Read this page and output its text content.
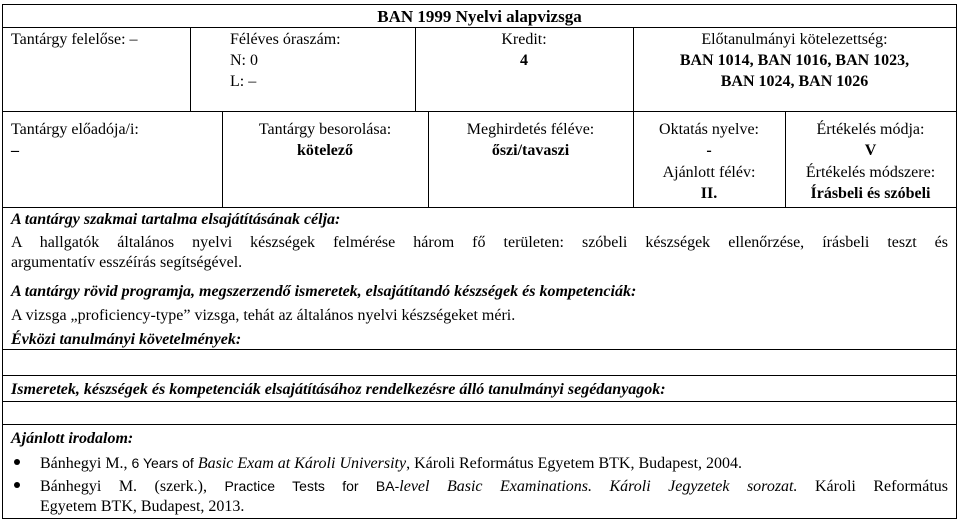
BAN 1999 Nyelvi alapvizsga
Tantárgy felelőse: –	Féléves óraszám:
N: 0
L: –
Kredit:
4
Előtanulmányi kötelezettség:
BAN 1014, BAN 1016, BAN 1023,
BAN 1024, BAN 1026
Tantárgy előadója/i:
–
Tantárgy besorolása:
kötelező
Meghirdetés féléve:
őszi/tavaszi
Oktatás nyelve:
-
Ajánlott félév:
II.
Értékelés módja:
V
Értékelés módszere:
Írásbeli és szóbeli
A tantárgy szakmai tartalma elsajátításának célja:
A hallgatók általános nyelvi készségek felmérése három fő területen: szóbeli készségek ellenőrzése, írásbeli teszt és
argumentatív esszéírás segítségével.
A tantárgy rövid programja, megszerzendő ismeretek, elsajátítandó készségek és kompetenciák:
A vizsga „proficiency-type” vizsga, tehát az általános nyelvi készségeket méri.
Évközi tanulmányi követelmények:
Ismeretek, készségek és kompetenciák elsajátításához rendelkezésre álló tanulmányi segédanyagok:
Ajánlott irodalom:
Bánhegyi M., 6 Years of Basic Exam at Károli University, Károli Református Egyetem BTK, Budapest, 2004.
Bánhegyi M. (szerk.), Practice Tests for BA-level Basic Examinations. Károli Jegyzetek sorozat. Károli Református
Egyetem BTK, Budapest, 2013.
